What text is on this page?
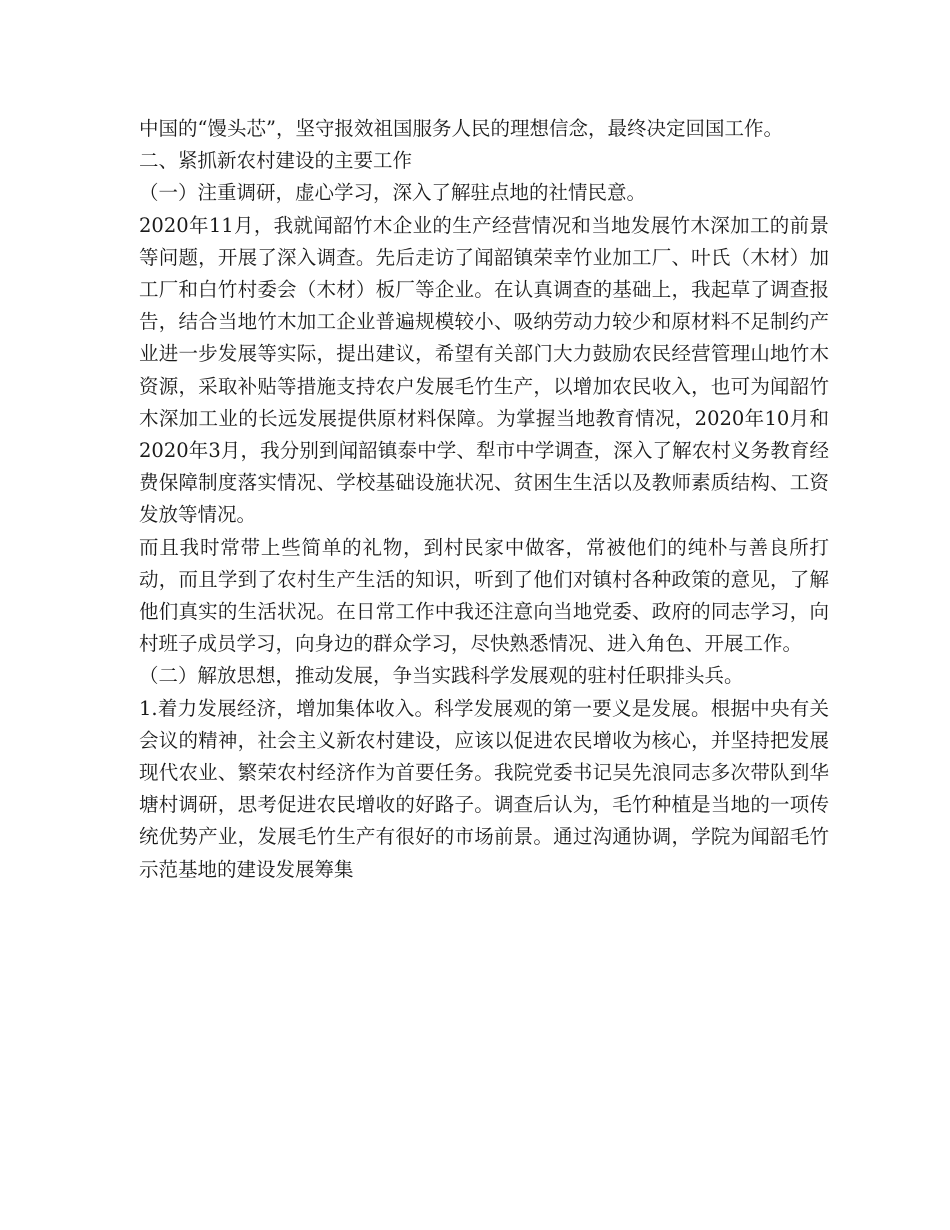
中国的“馒头芯”，坚守报效祖国服务人民的理想信念，最终决定回国工作。

二、紧抓新农村建设的主要工作

（一）注重调研，虚心学习，深入了解驻点地的社情民意。

2020年11月，我就闻韶竹木企业的生产经营情况和当地发展竹木深加工的前景等问题，开展了深入调查。先后走访了闻韶镇荣幸竹业加工厂、叶氏（木材）加工厂和白竹村委会（木材）板厂等企业。在认真调查的基础上，我起草了调查报告，结合当地竹木加工企业普遍规模较小、吸纳劳动力较少和原材料不足制约产业进一步发展等实际，提出建议，希望有关部门大力鼓励农民经营管理山地竹木资源，采取补贴等措施支持农户发展毛竹生产，以增加农民收入，也可为闻韶竹木深加工业的长远发展提供原材料保障。为掌握当地教育情况，2020年10月和2020年3月，我分别到闻韶镇泰中学、犁市中学调查，深入了解农村义务教育经费保障制度落实情况、学校基础设施状况、贫困生生活以及教师素质结构、工资发放等情况。

而且我时常带上些简单的礼物，到村民家中做客，常被他们的纯朴与善良所打动，而且学到了农村生产生活的知识，听到了他们对镇村各种政策的意见，了解他们真实的生活状况。在日常工作中我还注意向当地党委、政府的同志学习，向村班子成员学习，向身边的群众学习，尽快熟悉情况、进入角色、开展工作。

（二）解放思想，推动发展，争当实践科学发展观的驻村任职排头兵。

1.着力发展经济，增加集体收入。科学发展观的第一要义是发展。根据中央有关会议的精神，社会主义新农村建设，应该以促进农民增收为核心，并坚持把发展现代农业、繁荣农村经济作为首要任务。我院党委书记吴先浪同志多次带队到华塘村调研，思考促进农民增收的好路子。调查后认为，毛竹种植是当地的一项传统优势产业，发展毛竹生产有很好的市场前景。通过沟通协调，学院为闻韶毛竹示范基地的建设发展筹集
